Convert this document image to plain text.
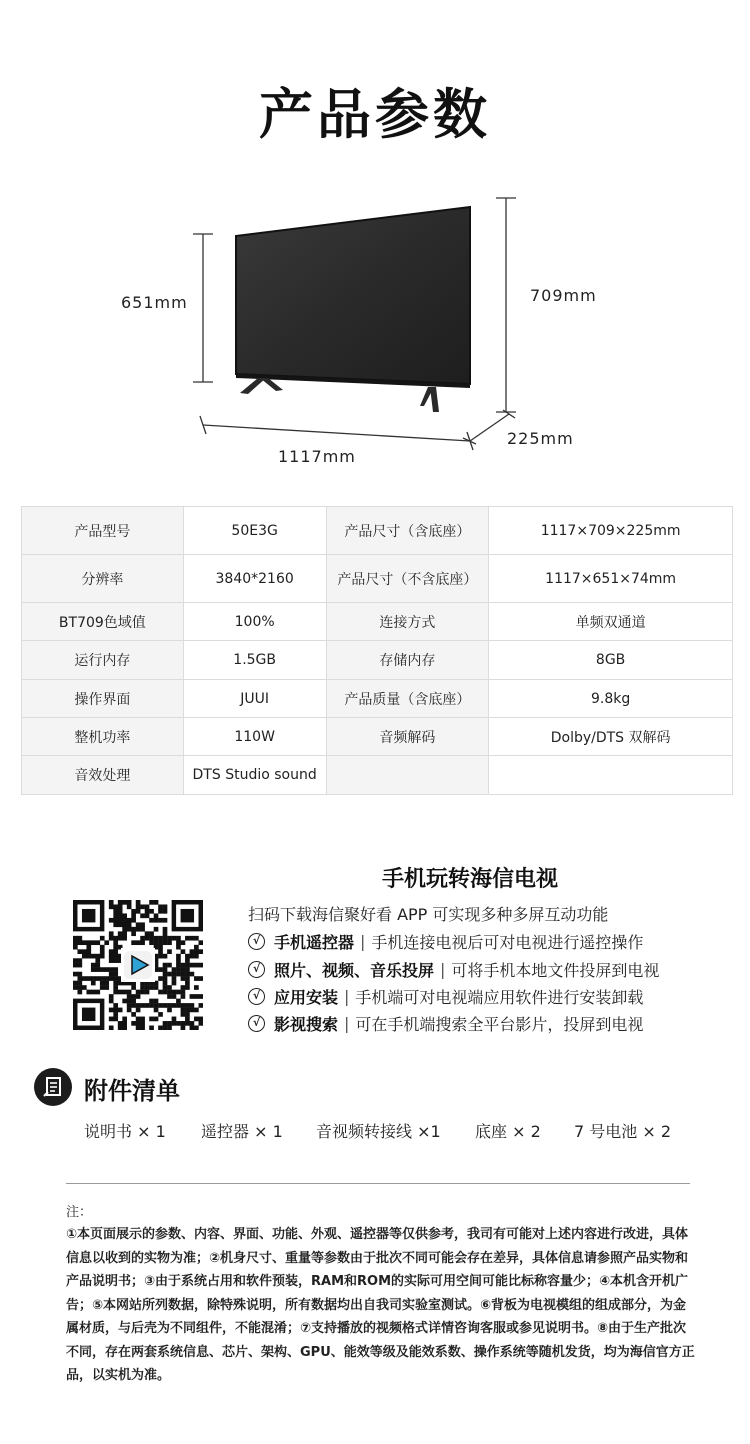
产品参数
651mm	709mm
225mm
1117mm
产品型号	50E3G	产品尺寸（含底座）	1117×709×225mm
分辨率	3840*2160	产品尺寸（不含底座）	1117×651×74mm
BT709色域值	100%	连接方式	单频双通道
运行内存	1.5GB	存储内存	8GB
操作界面	JUUI	产品质量（含底座）	9.8kg
整机功率	110W	音频解码	Dolby/DTS 双解码
音效处理	DTS Studio sound		
手机玩转海信电视
扫码下载海信聚好看 APP 可实现多种多屏互动功能
√ 手机遥控器 | 手机连接电视后可对电视进行遥控操作
√ 照片、视频、音乐投屏 | 可将手机本地文件投屏到电视
√ 应用安装 | 手机端可对电视端应用软件进行安装卸载
√ 影视搜索 | 可在手机端搜索全平台影片，投屏到电视
附件清单
说明书 × 1 遥控器 × 1 音视频转接线 ×1 底座 × 2 7 号电池 × 2
注：
①本页面展示的参数、内容、界面、功能、外观、遥控器等仅供参考，我司有可能对上述内容进行改进，具体信息以收到的实物为准；②机身尺寸、重量等参数由于批次不同可能会存在差异，具体信息请参照产品实物和产品说明书；③由于系统占用和软件预装，RAM和ROM的实际可用空间可能比标称容量少；④本机含开机广告；⑤本网站所列数据，除特殊说明，所有数据均出自我司实验室测试。⑥背板为电视模组的组成部分，为金属材质，与后壳为不同组件，不能混淆；⑦支持播放的视频格式详情咨询客服或参见说明书。⑧由于生产批次不同，存在两套系统信息、芯片、架构、GPU、能效等级及能效系数、操作系统等随机发货，均为海信官方正品，以实机为准。
